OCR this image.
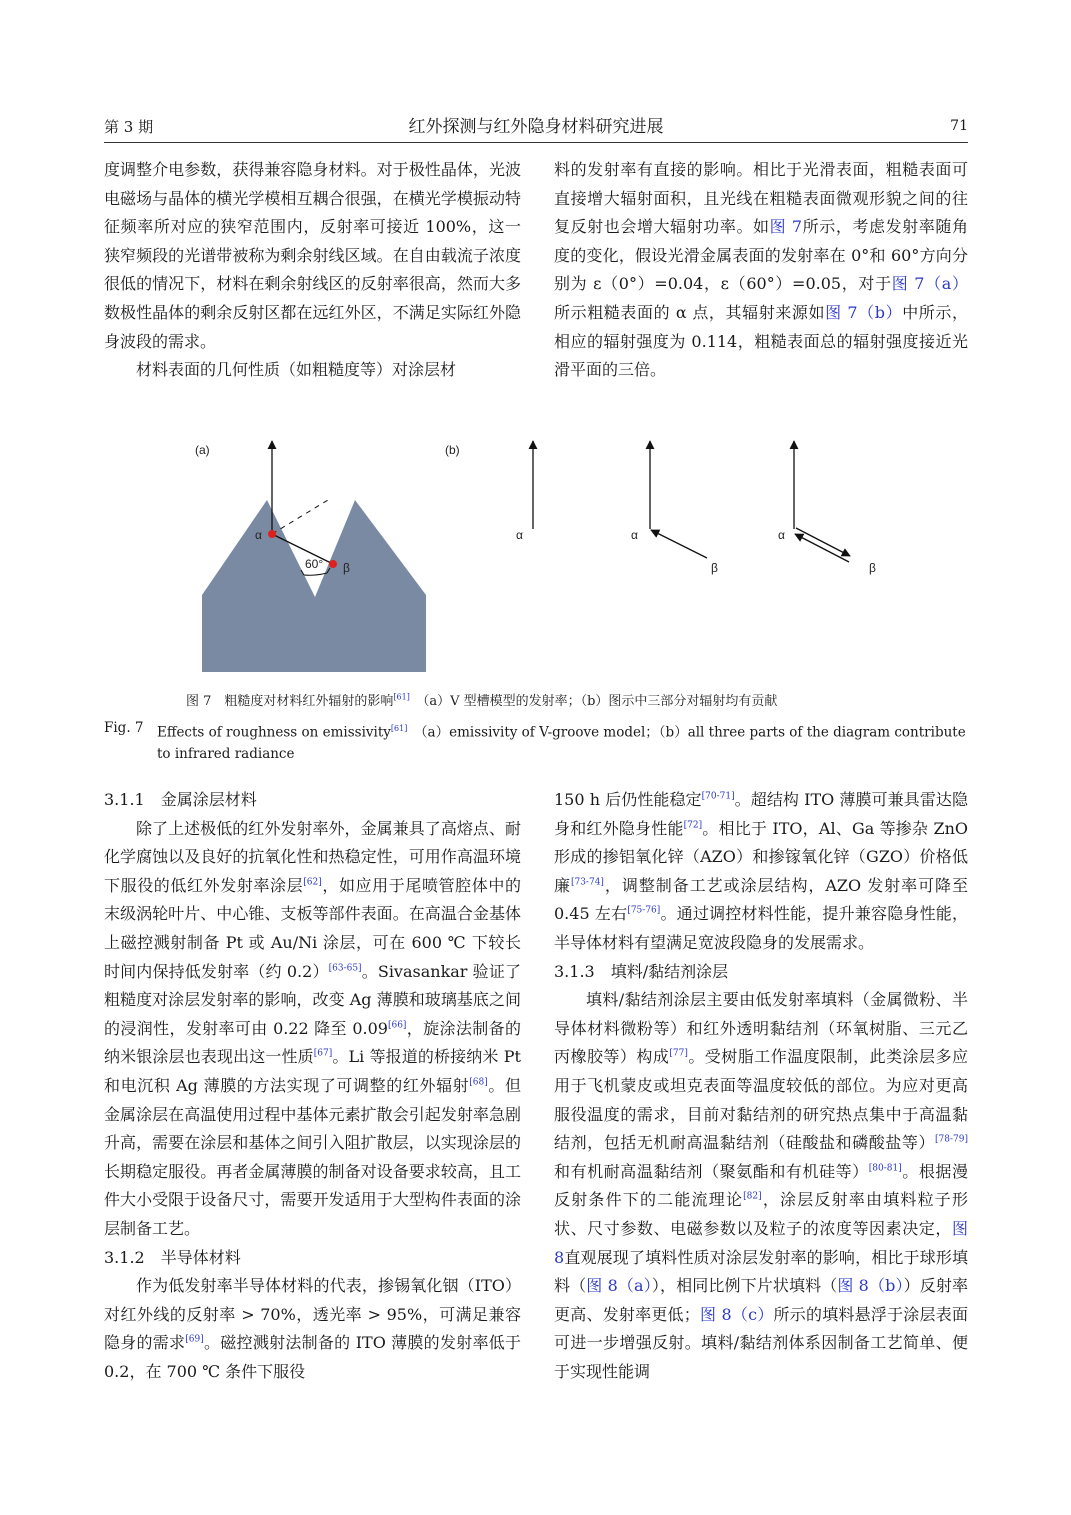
第 3 期	红外探测与红外隐身材料研究进展	71

度调整介电参数，获得兼容隐身材料。对于极性晶体，光波电磁场与晶体的横光学模相互耦合很强，在横光学模振动特征频率所对应的狭窄范围内，反射率可接近 100%，这一狭窄频段的光谱带被称为剩余射线区域。在自由载流子浓度很低的情况下，材料在剩余射线区的反射率很高，然而大多数极性晶体的剩余反射区都在远红外区，不满足实际红外隐身波段的需求。

材料表面的几何性质（如粗糙度等）对涂层材

料的发射率有直接的影响。相比于光滑表面，粗糙表面可直接增大辐射面积，且光线在粗糙表面微观形貌之间的往复反射也会增大辐射功率。如图 7所示，考虑发射率随角度的变化，假设光滑金属表面的发射率在 0°和 60°方向分别为 ε（0°）=0.04，ε（60°）=0.05，对于图 7（a）所示粗糙表面的 α 点，其辐射来源如图 7（b）中所示，相应的辐射强度为 0.114，粗糙表面总的辐射强度接近光滑平面的三倍。

(a)
α
60° β
(b)
α	α
β
α
β
图 7　粗糙度对材料红外辐射的影响[61]　 （a）V 型槽模型的发射率；（b）图示中三部分对辐射均有贡献
Fig. 7 Effects of roughness on emissivity[61]　（a）emissivity of V-groove model；（b）all three parts of the diagram contribute to infrared radiance

3.1.1　金属涂层材料

除了上述极低的红外发射率外，金属兼具了高熔点、耐化学腐蚀以及良好的抗氧化性和热稳定性，可用作高温环境下服役的低红外发射率涂层[62]，如应用于尾喷管腔体中的末级涡轮叶片、中心锥、支板等部件表面。在高温合金基体上磁控溅射制备 Pt 或 Au/Ni 涂层，可在 600 ℃ 下较长时间内保持低发射率（约 0.2）[63-65]。Sivasankar 验证了粗糙度对涂层发射率的影响，改变 Ag 薄膜和玻璃基底之间的浸润性，发射率可由 0.22 降至 0.09[66]，旋涂法制备的纳米银涂层也表现出这一性质[67]。Li 等报道的桥接纳米 Pt 和电沉积 Ag 薄膜的方法实现了可调整的红外辐射[68]。但金属涂层在高温使用过程中基体元素扩散会引起发射率急剧升高，需要在涂层和基体之间引入阻扩散层，以实现涂层的长期稳定服役。再者金属薄膜的制备对设备要求较高，且工件大小受限于设备尺寸，需要开发适用于大型构件表面的涂层制备工艺。

3.1.2　半导体材料

作为低发射率半导体材料的代表，掺锡氧化铟（ITO）对红外线的反射率 > 70%，透光率 > 95%，可满足兼容隐身的需求[69]。磁控溅射法制备的 ITO 薄膜的发射率低于 0.2，在 700 ℃ 条件下服役

150 h 后仍性能稳定[70-71]。超结构 ITO 薄膜可兼具雷达隐身和红外隐身性能[72]。相比于 ITO，Al、Ga 等掺杂 ZnO 形成的掺铝氧化锌（AZO）和掺镓氧化锌（GZO）价格低廉[73-74]，调整制备工艺或涂层结构，AZO 发射率可降至 0.45 左右[75-76]。通过调控材料性能，提升兼容隐身性能，半导体材料有望满足宽波段隐身的发展需求。

3.1.3　填料/黏结剂涂层

填料/黏结剂涂层主要由低发射率填料（金属微粉、半导体材料微粉等）和红外透明黏结剂（环氧树脂、三元乙丙橡胶等）构成[77]。受树脂工作温度限制，此类涂层多应用于飞机蒙皮或坦克表面等温度较低的部位。为应对更高服役温度的需求，目前对黏结剂的研究热点集中于高温黏结剂，包括无机耐高温黏结剂（硅酸盐和磷酸盐等）[78-79]和有机耐高温黏结剂（聚氨酯和有机硅等）[80-81]。根据漫反射条件下的二能流理论[82]，涂层反射率由填料粒子形状、尺寸参数、电磁参数以及粒子的浓度等因素决定，图 8直观展现了填料性质对涂层发射率的影响，相比于球形填料（图 8（a）），相同比例下片状填料（图 8（b））反射率更高、发射率更低；图 8（c）所示的填料悬浮于涂层表面可进一步增强反射。填料/黏结剂体系因制备工艺简单、便于实现性能调
